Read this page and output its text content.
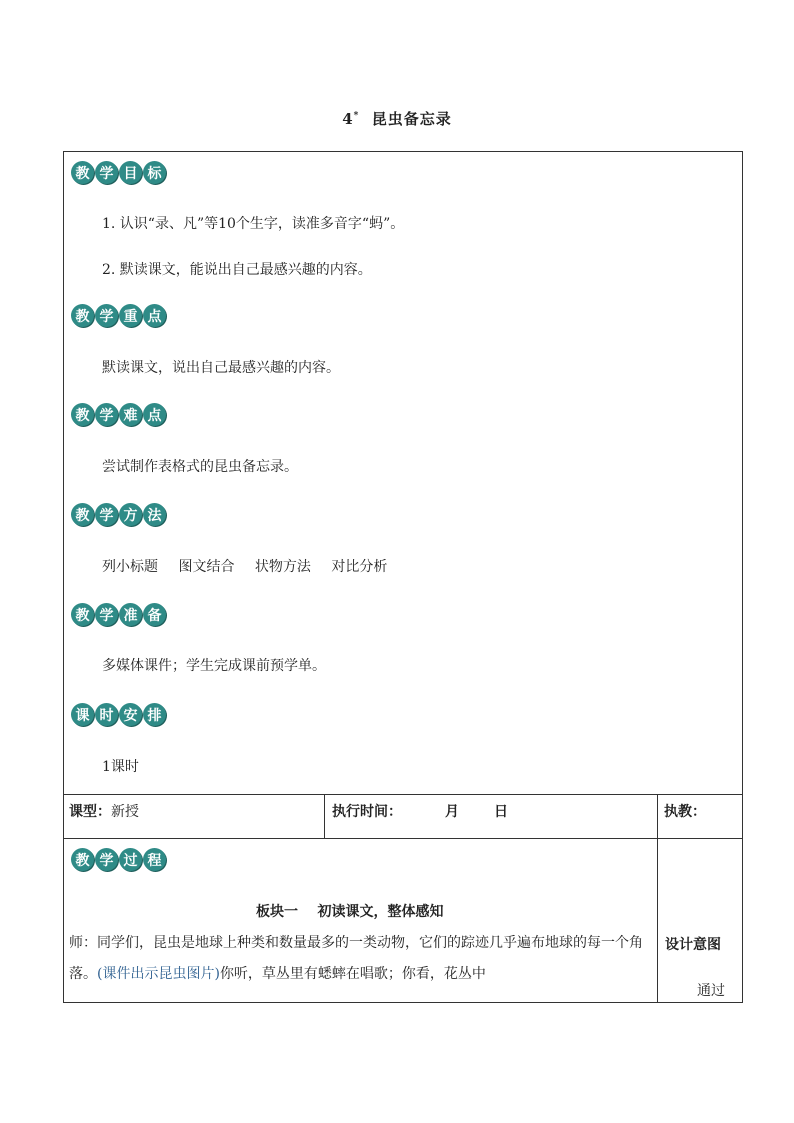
4* 昆虫备忘录
教 学 目 标
1. 认识“录、凡”等10个生字，读准多音字“蚂”。
2. 默读课文，能说出自己最感兴趣的内容。
教 学 重 点
默读课文，说出自己最感兴趣的内容。
教 学 难 点
尝试制作表格式的昆虫备忘录。
教 学 方 法
列小标题 图文结合 状物方法 对比分析
教 学 准 备
多媒体课件；学生完成课前预学单。
课 时 安 排
1课时
课型：新授	执行时间：	月	日	执教：
教 学 过 程
板块一    初读课文，整体感知
师：同学们，昆虫是地球上种类和数量最多的一类动物，它们的踪迹几乎遍布地球的每一个角落。(课件出示昆虫图片)你听，草丛里有蟋蟀在唱歌；你看，花丛中
设计意图
通过
